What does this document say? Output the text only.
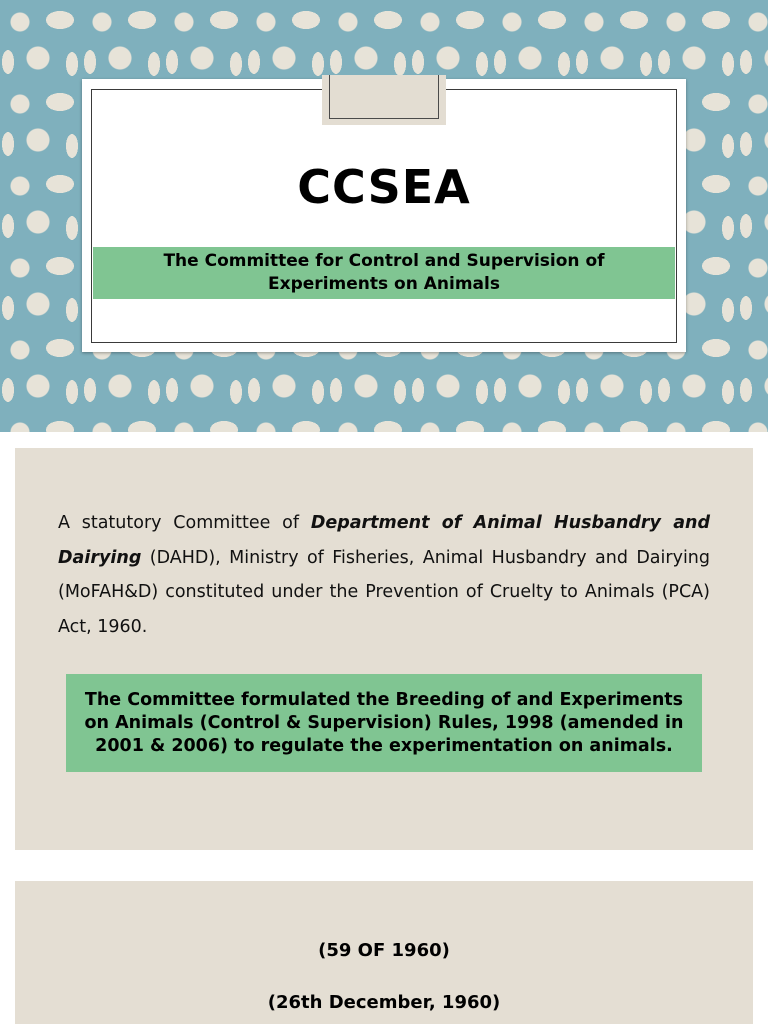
CCSEA
The Committee for Control and Supervision of Experiments on Animals

A statutory Committee of Department of Animal Husbandry and Dairying (DAHD), Ministry of Fisheries, Animal Husbandry and Dairying (MoFAH&D) constituted under the Prevention of Cruelty to Animals (PCA) Act, 1960.

The Committee formulated the Breeding of and Experiments on Animals (Control & Supervision) Rules, 1998 (amended in 2001 & 2006) to regulate the experimentation on animals.
(59 OF 1960)
(26th December, 1960)
